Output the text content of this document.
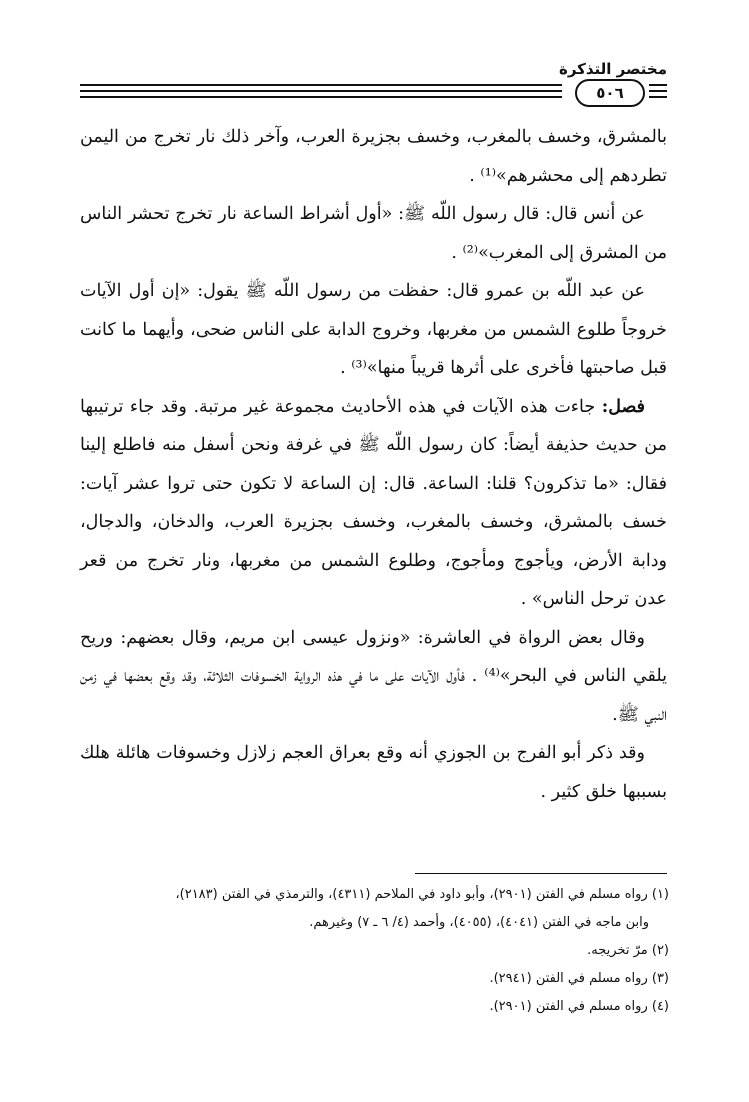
مختصر التذكرة
٥٠٦

بالمشرق، وخسف بالمغرب، وخسف بجزيرة العرب، وآخر ذلك نار تخرج من اليمن تطردهم إلى محشرهم»⁽¹⁾ .

عن أنس قال: قال رسول اللّه ﷺ: «أول أشراط الساعة نار تخرج تحشر الناس من المشرق إلى المغرب»⁽²⁾ .

عن عبد اللّه بن عمرو قال: حفظت من رسول اللّه ﷺ يقول: «إن أول الآيات خروجاً طلوع الشمس من مغربها، وخروج الدابة على الناس ضحى، وأيهما ما كانت قبل صاحبتها فأخرى على أثرها قريباً منها»⁽³⁾ .

فصل: جاءت هذه الآيات في هذه الأحاديث مجموعة غير مرتبة. وقد جاء ترتيبها من حديث حذيفة أيضاً: كان رسول اللّه ﷺ في غرفة ونحن أسفل منه فاطلع إلينا فقال: «ما تذكرون؟ قلنا: الساعة. قال: إن الساعة لا تكون حتى تروا عشر آيات: خسف بالمشرق، وخسف بالمغرب، وخسف بجزيرة العرب، والدخان، والدجال، ودابة الأرض، ويأجوج ومأجوج، وطلوع الشمس من مغربها، ونار تخرج من قعر عدن ترحل الناس» .

وقال بعض الرواة في العاشرة: «ونزول عيسى ابن مريم، وقال بعضهم: وريح يلقي الناس في البحر»⁽⁴⁾ . فأول الآيات على ما في هذه الرواية الخسوفات الثلاثة، وقد وقع بعضها في زمن النبي ﷺ.

وقد ذكر أبو الفرج بن الجوزي أنه وقع بعراق العجم زلازل وخسوفات هائلة هلك بسببها خلق كثير .

(١) رواه مسلم في الفتن (٢٩٠١)، وأبو داود في الملاحم (٤٣١١)، والترمذي في الفتن (٢١٨٣)،

وابن ماجه في الفتن (٤٠٤١)، (٤٠٥٥)، وأحمد (٤/ ٦ ـ ٧) وغيرهم.

(٢) مرّ تخريجه.

(٣) رواه مسلم في الفتن (٢٩٤١).

(٤) رواه مسلم في الفتن (٢٩٠١).
